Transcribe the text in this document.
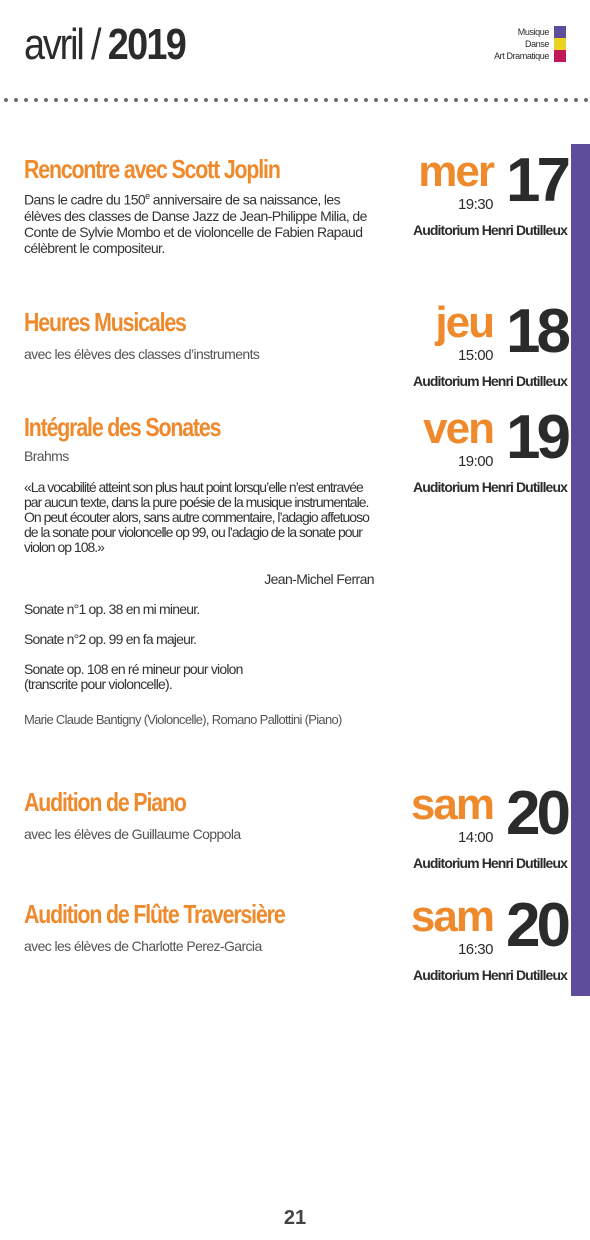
avril / 2019	Musique
Danse
Art Dramatique
Rencontre avec Scott Joplin
Dans le cadre du 150e anniversaire de sa naissance, les élèves des classes de Danse Jazz de Jean-Philippe Milia, de Conte de Sylvie Mombo et de violoncelle de Fabien Rapaud célèbrent le compositeur.
mer 17
19:30
Auditorium Henri Dutilleux
Heures Musicales
avec les élèves des classes d’instruments
jeu 18
15:00
Auditorium Henri Dutilleux
Intégrale des Sonates
Brahms
«La vocabilité atteint son plus haut point lorsqu’elle n’est entravée par aucun texte, dans la pure poésie de la musique instrumentale. On peut écouter alors, sans autre commentaire, l’adagio affetuoso de la sonate pour violoncelle op 99, ou l’adagio de la sonate pour violon op 108.»
Jean-Michel Ferran
Sonate n°1 op. 38 en mi mineur.
Sonate n°2 op. 99 en fa majeur.
Sonate op. 108 en ré mineur pour violon (transcrite pour violoncelle).
Marie Claude Bantigny (Violoncelle), Romano Pallottini (Piano)
ven 19
19:00
Auditorium Henri Dutilleux
Audition de Piano
avec les élèves de Guillaume Coppola
sam 20
14:00
Auditorium Henri Dutilleux
Audition de Flûte Traversière
avec les élèves de Charlotte Perez-Garcia
sam 20
16:30
Auditorium Henri Dutilleux
21
